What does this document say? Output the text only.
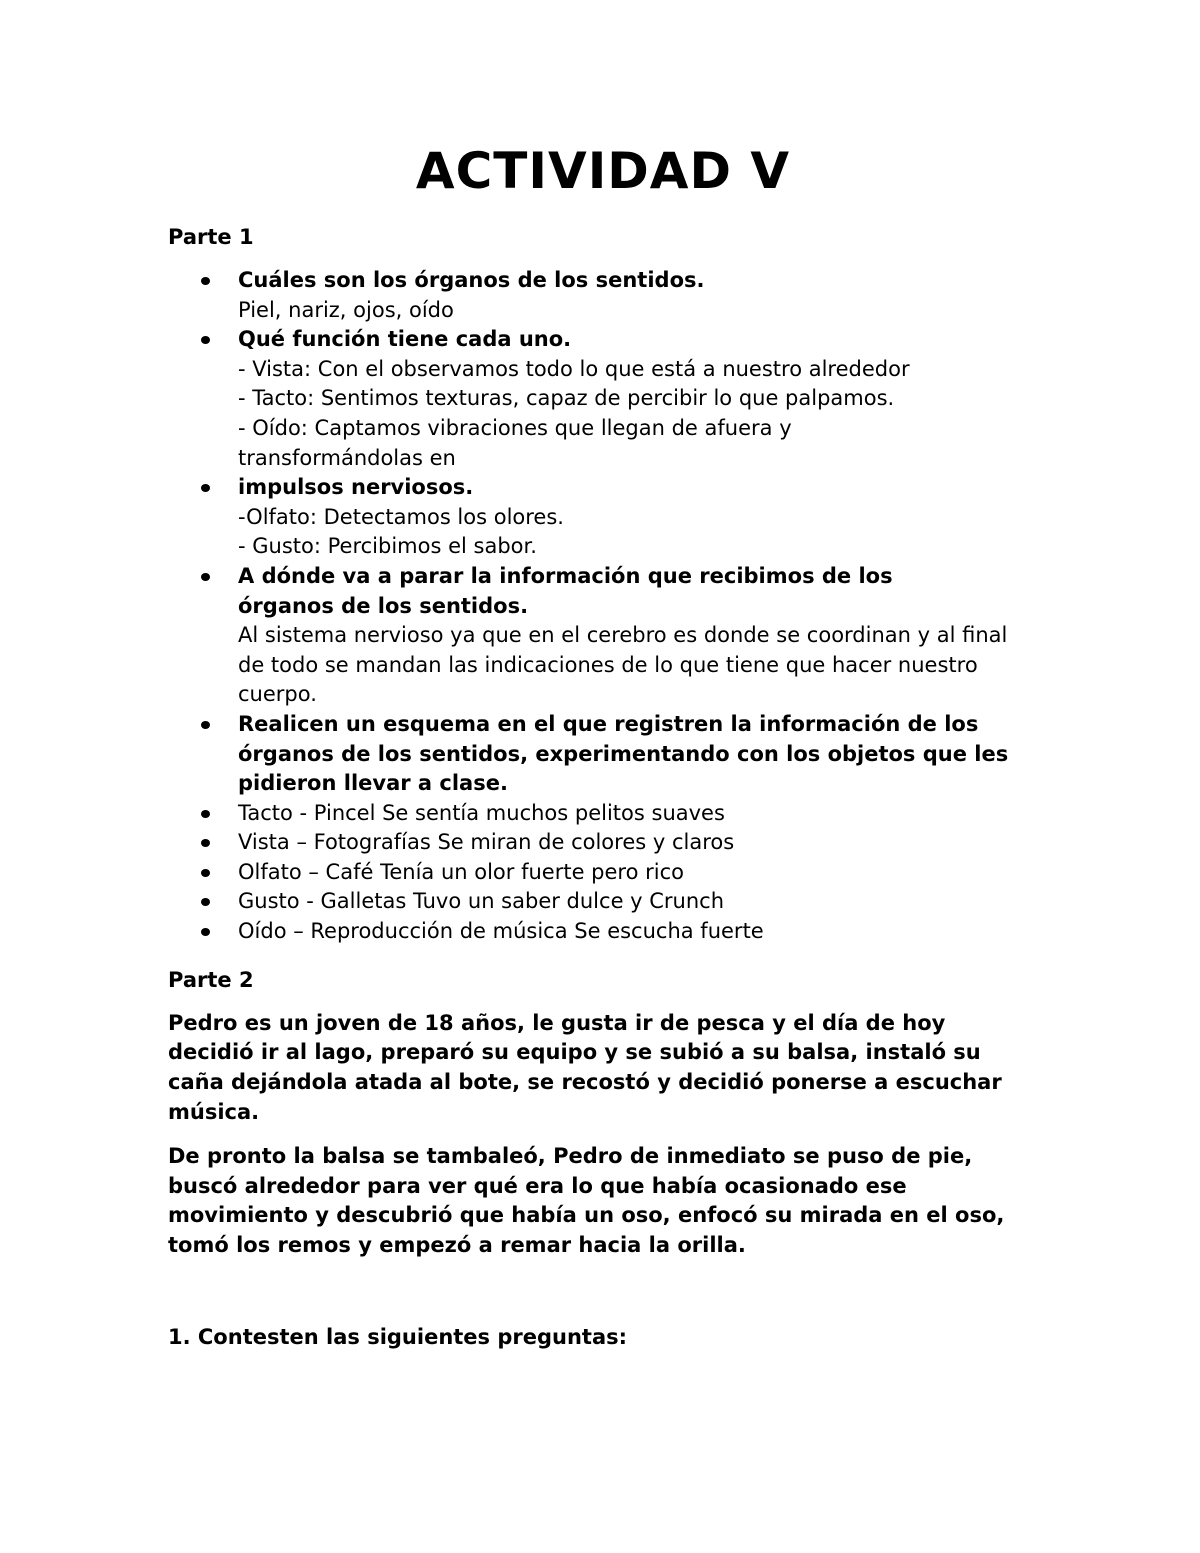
ACTIVIDAD V
Parte 1
Cuáles son los órganos de los sentidos.
Piel, nariz, ojos, oído
Qué función tiene cada uno.
- Vista: Con el observamos todo lo que está a nuestro alrededor
- Tacto: Sentimos texturas, capaz de percibir lo que palpamos.
- Oído: Captamos vibraciones que llegan de afuera y transformándolas en
impulsos nerviosos.
-Olfato: Detectamos los olores.
- Gusto: Percibimos el sabor.
A dónde va a parar la información que recibimos de los órganos de los sentidos.
Al sistema nervioso ya que en el cerebro es donde se coordinan y al final de todo se mandan las indicaciones de lo que tiene que hacer nuestro cuerpo.
Realicen un esquema en el que registren la información de los órganos de los sentidos, experimentando con los objetos que les pidieron llevar a clase.
Tacto - Pincel Se sentía muchos pelitos suaves
Vista – Fotografías Se miran de colores y claros
Olfato – Café Tenía un olor fuerte pero rico
Gusto - Galletas Tuvo un saber dulce y Crunch
Oído – Reproducción de música Se escucha fuerte
Parte 2
Pedro es un joven de 18 años, le gusta ir de pesca y el día de hoy decidió ir al lago, preparó su equipo y se subió a su balsa, instaló su caña dejándola atada al bote, se recostó y decidió ponerse a escuchar música.
De pronto la balsa se tambaleó, Pedro de inmediato se puso de pie, buscó alrededor para ver qué era lo que había ocasionado ese movimiento y descubrió que había un oso, enfocó su mirada en el oso, tomó los remos y empezó a remar hacia la orilla.
1. Contesten las siguientes preguntas:
